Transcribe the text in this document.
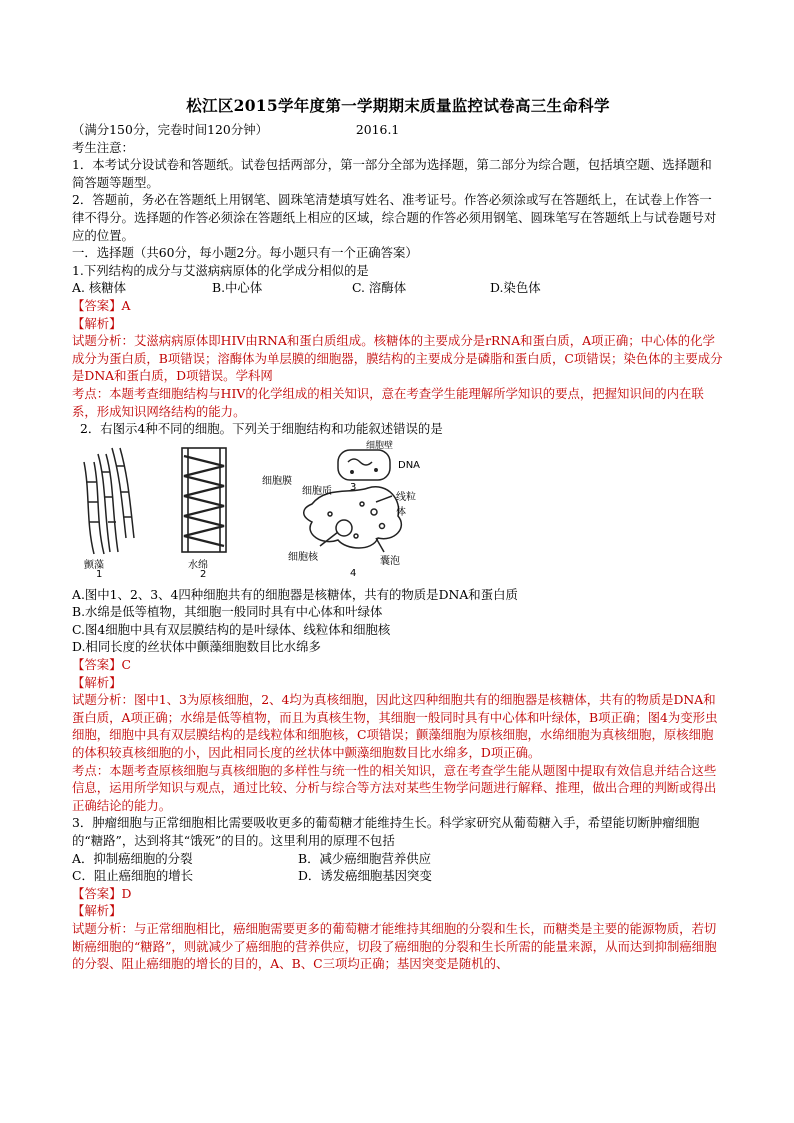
松江区2015学年度第一学期期末质量监控试卷高三生命科学

（满分150分，完卷时间120分钟）	2016.1

考生注意：

1．本考试分设试卷和答题纸。试卷包括两部分，第一部分全部为选择题，第二部分为综合题，包括填空题、选择题和简答题等题型。

2．答题前，务必在答题纸上用钢笔、圆珠笔清楚填写姓名、准考证号。作答必须涂或写在答题纸上，在试卷上作答一律不得分。选择题的作答必须涂在答题纸上相应的区域，综合题的作答必须用钢笔、圆珠笔写在答题纸上与试卷题号对应的位置。

一．选择题（共60分，每小题2分。每小题只有一个正确答案）

1.下列结构的成分与艾滋病病原体的化学成分相似的是

A. 核糖体	B.中心体	C. 溶酶体	D.染色体

【答案】A

【解析】

试题分析：艾滋病病原体即HIV由RNA和蛋白质组成。核糖体的主要成分是rRNA和蛋白质，A项正确；中心体的化学成分为蛋白质，B项错误；溶酶体为单层膜的细胞器，膜结构的主要成分是磷脂和蛋白质，C项错误；染色体的主要成分是DNA和蛋白质，D项错误。学科网

考点：本题考查细胞结构与HIV的化学组成的相关知识，意在考查学生能理解所学知识的要点，把握知识间的内在联系，形成知识网络结构的能力。

2．右图示4种不同的细胞。下列关于细胞结构和功能叙述错误的是

颤藻
1
水绵
2
细胞壁
DNA
细胞膜
细胞质 3
线粒体
细胞核	囊泡
4

A.图中1、2、3、4四种细胞共有的细胞器是核糖体，共有的物质是DNA和蛋白质

B.水绵是低等植物，其细胞一般同时具有中心体和叶绿体

C.图4细胞中具有双层膜结构的是叶绿体、线粒体和细胞核

D.相同长度的丝状体中颤藻细胞数目比水绵多

【答案】C

【解析】

试题分析：图中1、3为原核细胞，2、4均为真核细胞，因此这四种细胞共有的细胞器是核糖体，共有的物质是DNA和蛋白质，A项正确；水绵是低等植物，而且为真核生物，其细胞一般同时具有中心体和叶绿体，B项正确；图4为变形虫细胞，细胞中具有双层膜结构的是线粒体和细胞核，C项错误；颤藻细胞为原核细胞，水绵细胞为真核细胞，原核细胞的体积较真核细胞的小，因此相同长度的丝状体中颤藻细胞数目比水绵多，D项正确。

考点：本题考查原核细胞与真核细胞的多样性与统一性的相关知识，意在考查学生能从题图中提取有效信息并结合这些信息，运用所学知识与观点，通过比较、分析与综合等方法对某些生物学问题进行解释、推理，做出合理的判断或得出正确结论的能力。

3．肿瘤细胞与正常细胞相比需要吸收更多的葡萄糖才能维持生长。科学家研究从葡萄糖入手，希望能切断肿瘤细胞的“糖路”，达到将其“饿死”的目的。这里利用的原理不包括

A．抑制癌细胞的分裂	B．减少癌细胞营养供应

C．阻止癌细胞的增长	D．诱发癌细胞基因突变

【答案】D

【解析】

试题分析：与正常细胞相比，癌细胞需要更多的葡萄糖才能维持其细胞的分裂和生长，而糖类是主要的能源物质，若切断癌细胞的“糖路”，则就减少了癌细胞的营养供应，切段了癌细胞的分裂和生长所需的能量来源，从而达到抑制癌细胞的分裂、阻止癌细胞的增长的目的，A、B、C三项均正确；基因突变是随机的、
